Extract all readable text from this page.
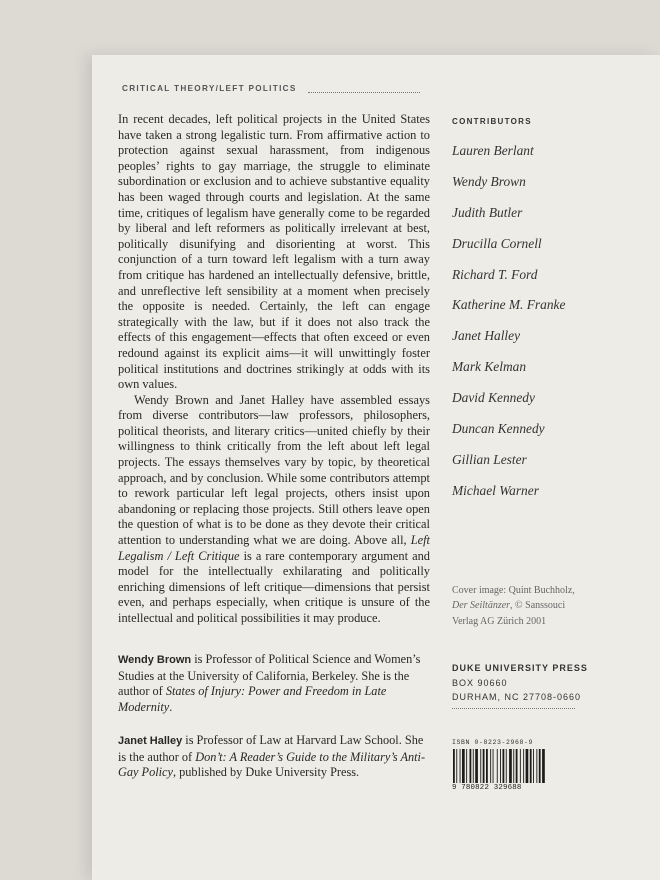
CRITICAL THEORY/LEFT POLITICS

In recent decades, left political projects in the United States have taken a strong legalistic turn. From affirmative action to protection against sexual harassment, from indigenous peoples’ rights to gay marriage, the struggle to eliminate subordination or exclusion and to achieve substantive equality has been waged through courts and legislation. At the same time, critiques of legalism have generally come to be regarded by liberal and left reformers as politically irrelevant at best, politically disunifying and disorienting at worst. This conjunction of a turn toward left legalism with a turn away from critique has hardened an intellectually defensive, brittle, and unreflective left sensibility at a moment when precisely the opposite is needed. Certainly, the left can engage strategically with the law, but if it does not also track the effects of this engagement—effects that often exceed or even redound against its explicit aims—it will unwittingly foster political institutions and doctrines strikingly at odds with its own values.

Wendy Brown and Janet Halley have assembled essays from diverse contributors—law professors, philosophers, political theorists, and literary critics—united chiefly by their willingness to think critically from the left about left legal projects. The essays themselves vary by topic, by theoretical approach, and by conclusion. While some contributors attempt to rework particular left legal projects, others insist upon abandoning or replacing those projects. Still others leave open the question of what is to be done as they devote their critical attention to understanding what we are doing. Above all, Left Legalism / Left Critique is a rare contemporary argument and model for the intellectually exhilarating and politically enriching dimensions of left critique—dimensions that persist even, and perhaps especially, when critique is unsure of the intellectual and political possibilities it may produce.

CONTRIBUTORS
Lauren Berlant
Wendy Brown
Judith Butler
Drucilla Cornell
Richard T. Ford
Katherine M. Franke
Janet Halley
Mark Kelman
David Kennedy
Duncan Kennedy
Gillian Lester
Michael Warner
Cover image: Quint Buchholz,
Der Seiltänzer, © Sanssouci
Verlag AG Zürich 2001
Wendy Brown is Professor of Political Science and Women’s Studies at the University of California, Berkeley. She is the author of States of Injury: Power and Freedom in Late Modernity.
Janet Halley is Professor of Law at Harvard Law School. She is the author of Don’t: A Reader’s Guide to the Military’s Anti-Gay Policy, published by Duke University Press.
DUKE UNIVERSITY PRESS
BOX 90660
DURHAM, NC 27708-0660
ISBN 0-8223-2968-9
9 780822 329688
